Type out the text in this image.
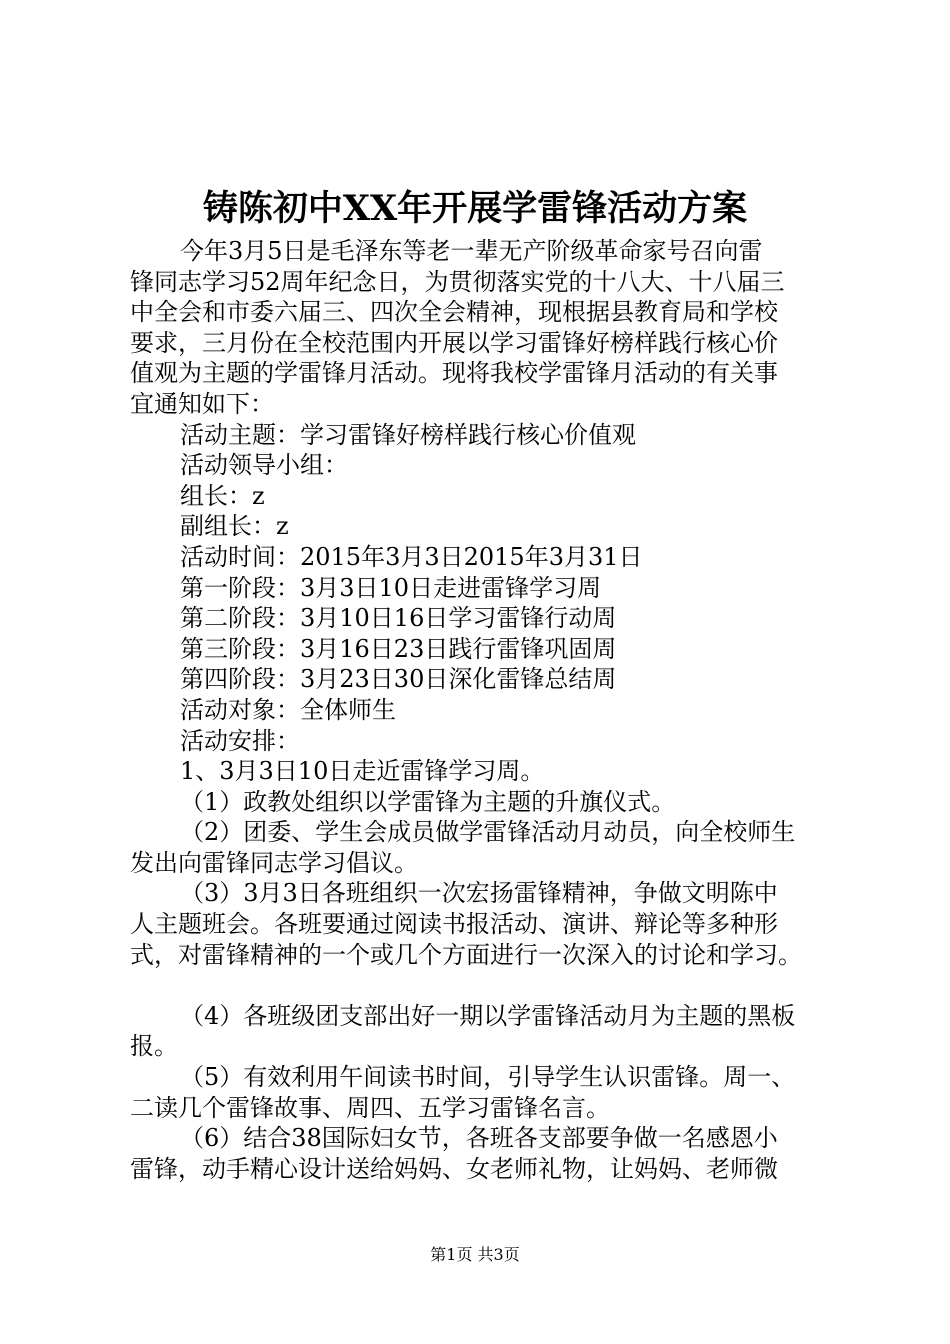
铸陈初中XX年开展学雷锋活动方案
今年3月5日是毛泽东等老一辈无产阶级革命家号召向雷
锋同志学习52周年纪念日，为贯彻落实党的十八大、十八届三
中全会和市委六届三、四次全会精神，现根据县教育局和学校
要求，三月份在全校范围内开展以学习雷锋好榜样践行核心价
值观为主题的学雷锋月活动。现将我校学雷锋月活动的有关事
宜通知如下：
活动主题：学习雷锋好榜样践行核心价值观
活动领导小组：
组长：z
副组长：z
活动时间：2015年3月3日2015年3月31日
第一阶段：3月3日10日走进雷锋学习周
第二阶段：3月10日16日学习雷锋行动周
第三阶段：3月16日23日践行雷锋巩固周
第四阶段：3月23日30日深化雷锋总结周
活动对象：全体师生
活动安排：
1、3月3日10日走近雷锋学习周。
（1）政教处组织以学雷锋为主题的升旗仪式。
（2）团委、学生会成员做学雷锋活动月动员，向全校师生
发出向雷锋同志学习倡议。
（3）3月3日各班组织一次宏扬雷锋精神，争做文明陈中
人主题班会。各班要通过阅读书报活动、演讲、辩论等多种形
式，对雷锋精神的一个或几个方面进行一次深入的讨论和学习。
（4）各班级团支部出好一期以学雷锋活动月为主题的黑板
报。
（5）有效利用午间读书时间，引导学生认识雷锋。周一、
二读几个雷锋故事、周四、五学习雷锋名言。
（6）结合38国际妇女节，各班各支部要争做一名感恩小
雷锋，动手精心设计送给妈妈、女老师礼物，让妈妈、老师微
第1页 共3页
